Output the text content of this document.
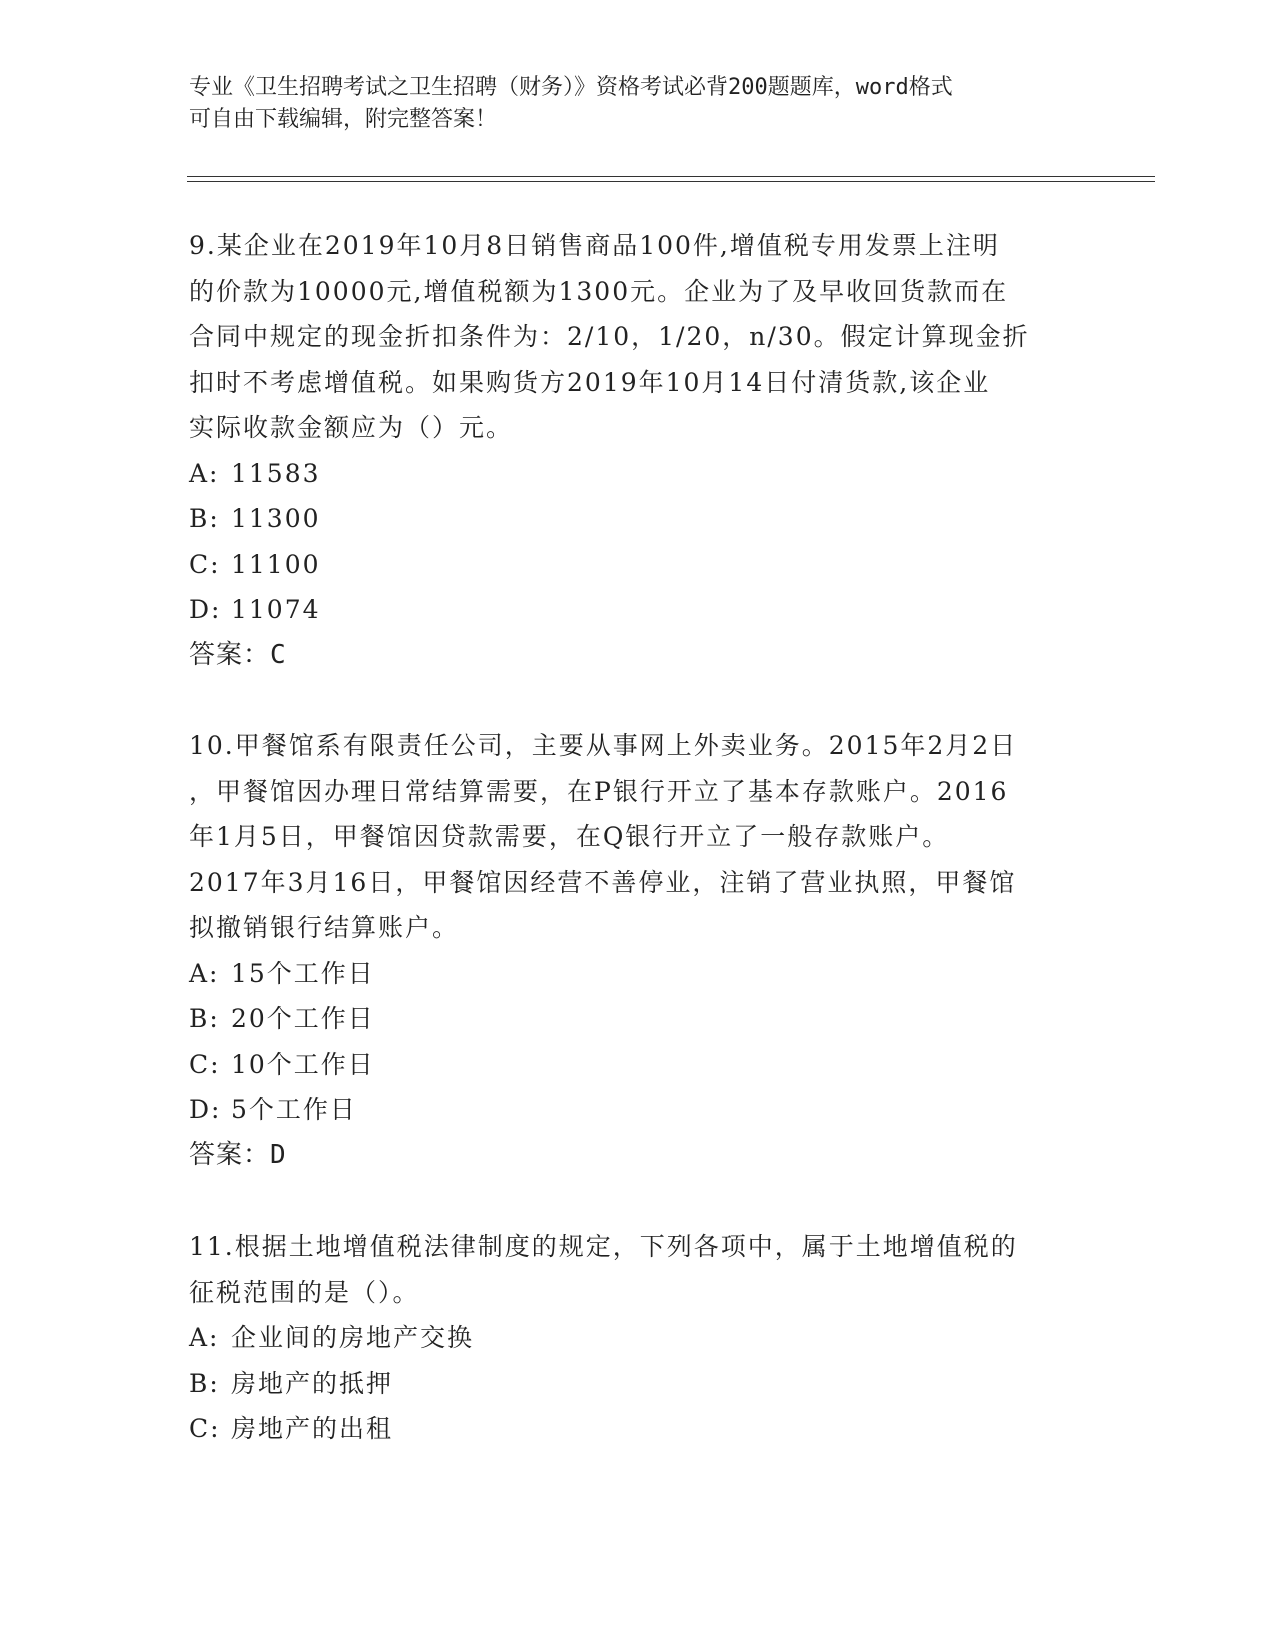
专业《卫生招聘考试之卫生招聘（财务）》资格考试必背200题题库，word格式
可自由下载编辑，附完整答案！
9.某企业在2019年10月8日销售商品100件,增值税专用发票上注明
的价款为10000元,增值税额为1300元。企业为了及早收回货款而在
合同中规定的现金折扣条件为：2/10，1/20，n/30。假定计算现金折
扣时不考虑增值税。如果购货方2019年10月14日付清货款,该企业
实际收款金额应为（）元。
A: 11583
B: 11300
C: 11100
D: 11074
答案：C
10.甲餐馆系有限责任公司，主要从事网上外卖业务。2015年2月2日
，甲餐馆因办理日常结算需要，在P银行开立了基本存款账户。2016
年1月5日，甲餐馆因贷款需要，在Q银行开立了一般存款账户。
2017年3月16日，甲餐馆因经营不善停业，注销了营业执照，甲餐馆
拟撤销银行结算账户。
A: 15个工作日
B: 20个工作日
C: 10个工作日
D: 5个工作日
答案：D
11.根据土地增值税法律制度的规定，下列各项中，属于土地增值税的
征税范围的是（）。
A: 企业间的房地产交换
B: 房地产的抵押
C: 房地产的出租
